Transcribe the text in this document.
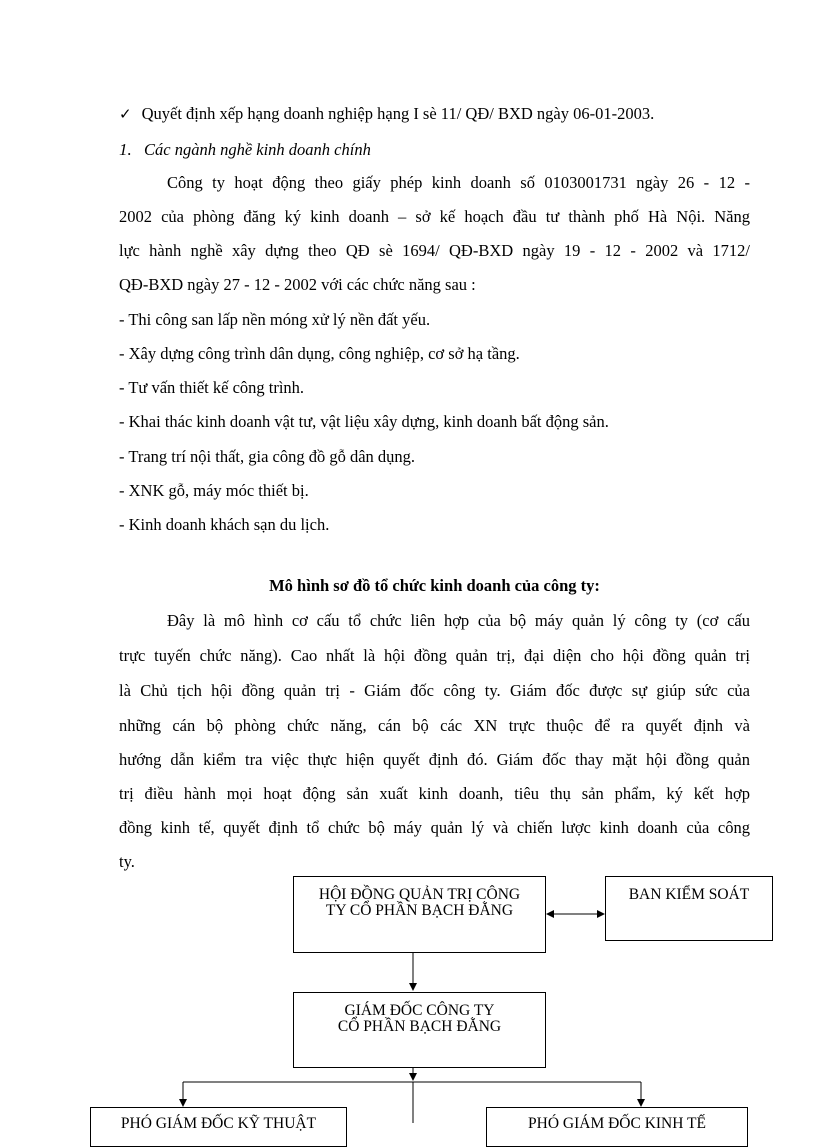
✓ Quyết định xếp hạng doanh nghiệp hạng I sè 11/ QĐ/ BXD ngày 06-01-2003.
1. Các ngành nghề kinh doanh chính
Công ty hoạt động theo giấy phép kinh doanh số 0103001731 ngày 26 - 12 -
2002 của phòng đăng ký kinh doanh – sở kế hoạch đầu tư thành phố Hà Nội. Năng
lực hành nghề xây dựng theo QĐ sè 1694/ QĐ-BXD ngày 19 - 12 - 2002 và 1712/
QĐ-BXD ngày 27 - 12 - 2002 với các chức năng sau :
- Thi công san lấp nền móng xử lý nền đất yếu.
- Xây dựng công trình dân dụng, công nghiệp, cơ sở hạ tầng.
- Tư vấn thiết kế công trình.
- Khai thác kinh doanh vật tư, vật liệu xây dựng, kinh doanh bất động sản.
- Trang trí nội thất, gia công đồ gỗ dân dụng.
- XNK gỗ, máy móc thiết bị.
- Kinh doanh khách sạn du lịch.
Mô hình sơ đồ tổ chức kinh doanh của công ty:
Đây là mô hình cơ cấu tổ chức liên hợp của bộ máy quản lý công ty (cơ cấu
trực tuyến chức năng). Cao nhất là hội đồng quản trị, đại diện cho hội đồng quản trị
là Chủ tịch hội đồng quản trị - Giám đốc công ty. Giám đốc được sự giúp sức của
những cán bộ phòng chức năng, cán bộ các XN trực thuộc để ra quyết định và
hướng dẫn kiểm tra việc thực hiện quyết định đó. Giám đốc thay mặt hội đồng quản
trị điều hành mọi hoạt động sản xuất kinh doanh, tiêu thụ sản phẩm, ký kết hợp
đồng kinh tế, quyết định tổ chức bộ máy quản lý và chiến lược kinh doanh của công
ty.
HỘI ĐỒNG QUẢN TRỊ CÔNG
TY CỔ PHẦN BẠCH ĐẰNG
BAN KIỂM SOÁT
GIÁM ĐỐC CÔNG TY
CỔ PHẦN BẠCH ĐẰNG
PHÓ GIÁM ĐỐC KỸ THUẬT	PHÓ GIÁM ĐỐC KINH TẾ
